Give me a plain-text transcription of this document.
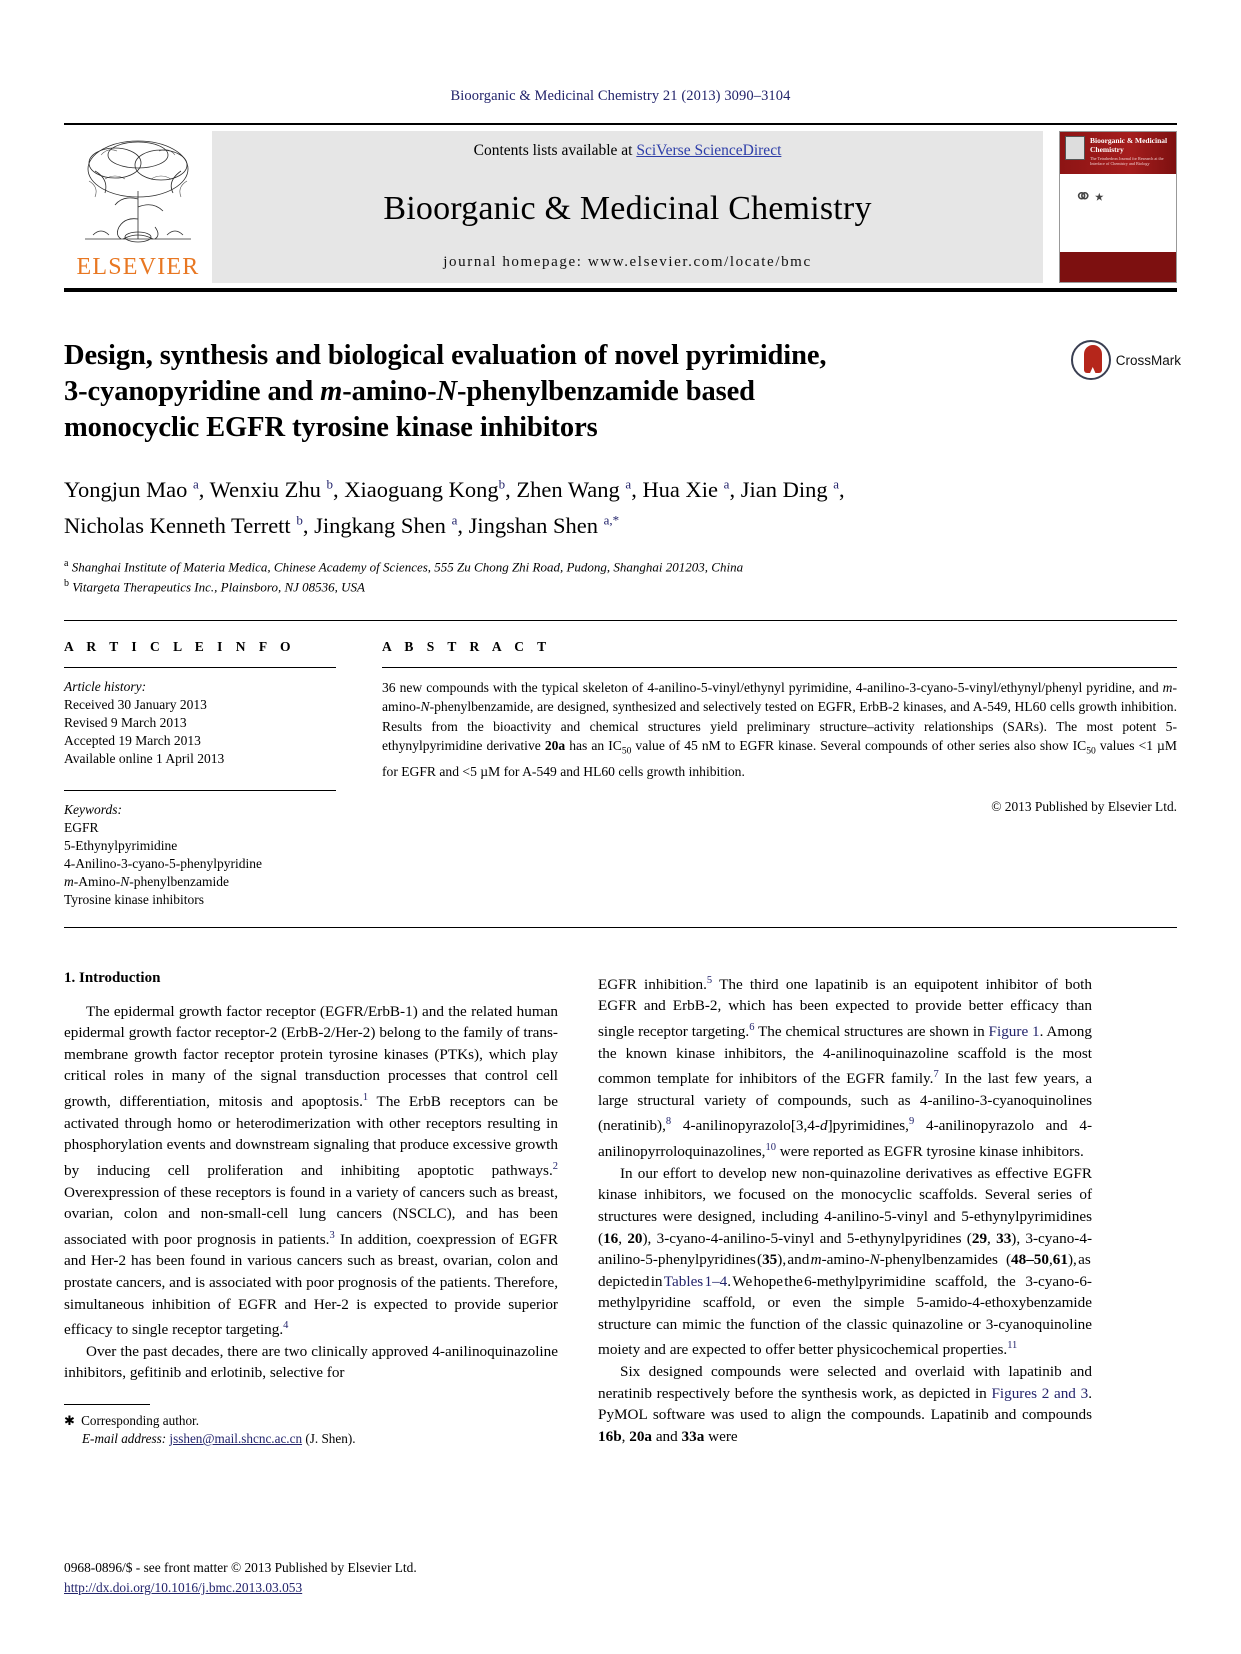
Bioorganic & Medicinal Chemistry 21 (2013) 3090–3104
ELSEVIER
Contents lists available at SciVerse ScienceDirect
Bioorganic & Medicinal Chemistry
journal homepage: www.elsevier.com/locate/bmc
Bioorganic & Medicinal Chemistry
The Tetrahedron Journal for Research at the Interface of Chemistry and Biology
⚭⋆
CrossMark
Design, synthesis and biological evaluation of novel pyrimidine,
3-cyanopyridine and m-amino-N-phenylbenzamide based
monocyclic EGFR tyrosine kinase inhibitors
Yongjun Mao $^a$, Wenxiu Zhu $^b$, Xiaoguang Kong$^b$, Zhen Wang $^a$, Hua Xie $^a$, Jian Ding $^a$,
Nicholas Kenneth Terrett $^b$, Jingkang Shen $^a$, Jingshan Shen $^{a,*}$
$^a$ Shanghai Institute of Materia Medica, Chinese Academy of Sciences, 555 Zu Chong Zhi Road, Pudong, Shanghai 201203, China
$^b$ Vitargeta Therapeutics Inc., Plainsboro, NJ 08536, USA
A R T I C L E I N F O
Article history:
Received 30 January 2013
Revised 9 March 2013
Accepted 19 March 2013
Available online 1 April 2013
Keywords:
EGFR
5-Ethynylpyrimidine
4-Anilino-3-cyano-5-phenylpyridine
m-Amino-N-phenylbenzamide
Tyrosine kinase inhibitors
A B S T R A C T
36 new compounds with the typical skeleton of 4-anilino-5-vinyl/ethynyl pyrimidine, 4-anilino-3-cyano-5-vinyl/ethynyl/phenyl pyridine, and m-amino-N-phenylbenzamide, are designed, synthesized and selectively tested on EGFR, ErbB-2 kinases, and A-549, HL60 cells growth inhibition. Results from the bioactivity and chemical structures yield preliminary structure–activity relationships (SARs). The most potent 5-ethynylpyrimidine derivative 20a has an $IC_{50}$ value of 45 nM to EGFR kinase. Several compounds of other series also show $IC_{50}$ values <1 µM for EGFR and <5 µM for A-549 and HL60 cells growth inhibition.
© 2013 Published by Elsevier Ltd.
1. Introduction

The epidermal growth factor receptor (EGFR/ErbB-1) and the related human epidermal growth factor receptor-2 (ErbB-2/Her-2) belong to the family of trans-membrane growth factor receptor protein tyrosine kinases (PTKs), which play critical roles in many of the signal transduction processes that control cell growth, differentiation, mitosis and apoptosis.$^1$ The ErbB receptors can be activated through homo or heterodimerization with other receptors resulting in phosphorylation events and downstream signaling that produce excessive growth by inducing cell proliferation and inhibiting apoptotic pathways.$^2$ Overexpression of these receptors is found in a variety of cancers such as breast, ovarian, colon and non-small-cell lung cancers (NSCLC), and has been associated with poor prognosis in patients.$^3$ In addition, coexpression of EGFR and Her-2 has been found in various cancers such as breast, ovarian, colon and prostate cancers, and is associated with poor prognosis of the patients. Therefore, simultaneous inhibition of EGFR and Her-2 is expected to provide superior efficacy to single receptor targeting.$^4$

Over the past decades, there are two clinically approved 4-anilinoquinazoline inhibitors, gefitinib and erlotinib, selective for

✱ Corresponding author.
E-mail address: jsshen@mail.shcnc.ac.cn (J. Shen).

EGFR inhibition.$^5$ The third one lapatinib is an equipotent inhibitor of both EGFR and ErbB-2, which has been expected to provide better efficacy than single receptor targeting.$^6$ The chemical structures are shown in Figure 1. Among the known kinase inhibitors, the 4-anilinoquinazoline scaffold is the most common template for inhibitors of the EGFR family.$^7$ In the last few years, a large structural variety of compounds, such as 4-anilino-3-cyanoquinolines (neratinib),$^8$ 4-anilinopyrazolo[3,4-d]pyrimidines,$^9$ 4-anilinopyrazolo and 4-anilinopyrroloquinazolines,$^{10}$ were reported as EGFR tyrosine kinase inhibitors.

In our effort to develop new non-quinazoline derivatives as effective EGFR kinase inhibitors, we focused on the monocyclic scaffolds. Several series of structures were designed, including 4-anilino-5-vinyl and 5-ethynylpyrimidines (16, 20), 3-cyano-4-anilino-5-vinyl and 5-ethynylpyridines (29, 33), 3-cyano-4-anilino-5-phenylpyridines (35), and m-amino-N-phenylbenzamides (48–50,61), as depicted in Tables 1–4. We hope the 6-methylpyrimidine scaffold, the 3-cyano-6-methylpyridine scaffold, or even the simple 5-amido-4-ethoxybenzamide structure can mimic the function of the classic quinazoline or 3-cyanoquinoline moiety and are expected to offer better physicochemical properties.$^{11}$

Six designed compounds were selected and overlaid with lapatinib and neratinib respectively before the synthesis work, as depicted in Figures 2 and 3. PyMOL software was used to align the compounds. Lapatinib and compounds 16b, 20a and 33a were

0968-0896/$ - see front matter © 2013 Published by Elsevier Ltd.
http://dx.doi.org/10.1016/j.bmc.2013.03.053
